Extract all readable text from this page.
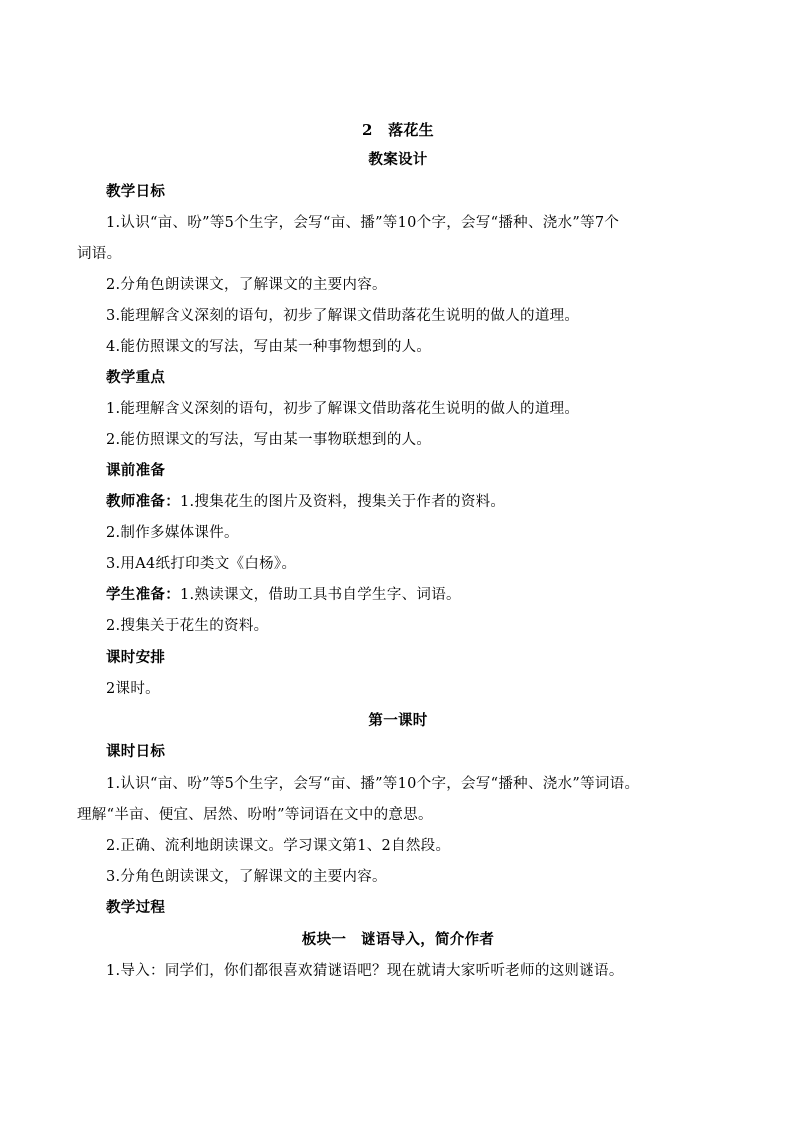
2　落花生
教案设计
教学日标
1.认识“亩、吩”等5个生字，会写“亩、播”等10个字，会写“播种、浇水”等7个
词语。
2.分角色朗读课文，了解课文的主要内容。
3.能理解含义深刻的语句，初步了解课文借助落花生说明的做人的道理。
4.能仿照课文的写法，写由某一种事物想到的人。
教学重点
1.能理解含义深刻的语句，初步了解课文借助落花生说明的做人的道理。
2.能仿照课文的写法，写由某一事物联想到的人。
课前准备
教师准备：1.搜集花生的图片及资料，搜集关于作者的资料。
2.制作多媒体课件。
3.用A4纸打印类文《白杨》。
学生准备：1.熟读课文，借助工具书自学生字、词语。
2.搜集关于花生的资料。
课时安排
2课时。
第一课时
课时日标
1.认识“亩、吩”等5个生字，会写“亩、播”等10个字，会写“播种、浇水”等词语。
理解“半亩、便宜、居然、吩咐”等词语在文中的意思。
2.正确、流利地朗读课文。学习课文第1、2自然段。
3.分角色朗读课文，了解课文的主要内容。
教学过程
板块一　谜语导入，简介作者
1.导入：同学们，你们都很喜欢猜谜语吧？现在就请大家听听老师的这则谜语。
